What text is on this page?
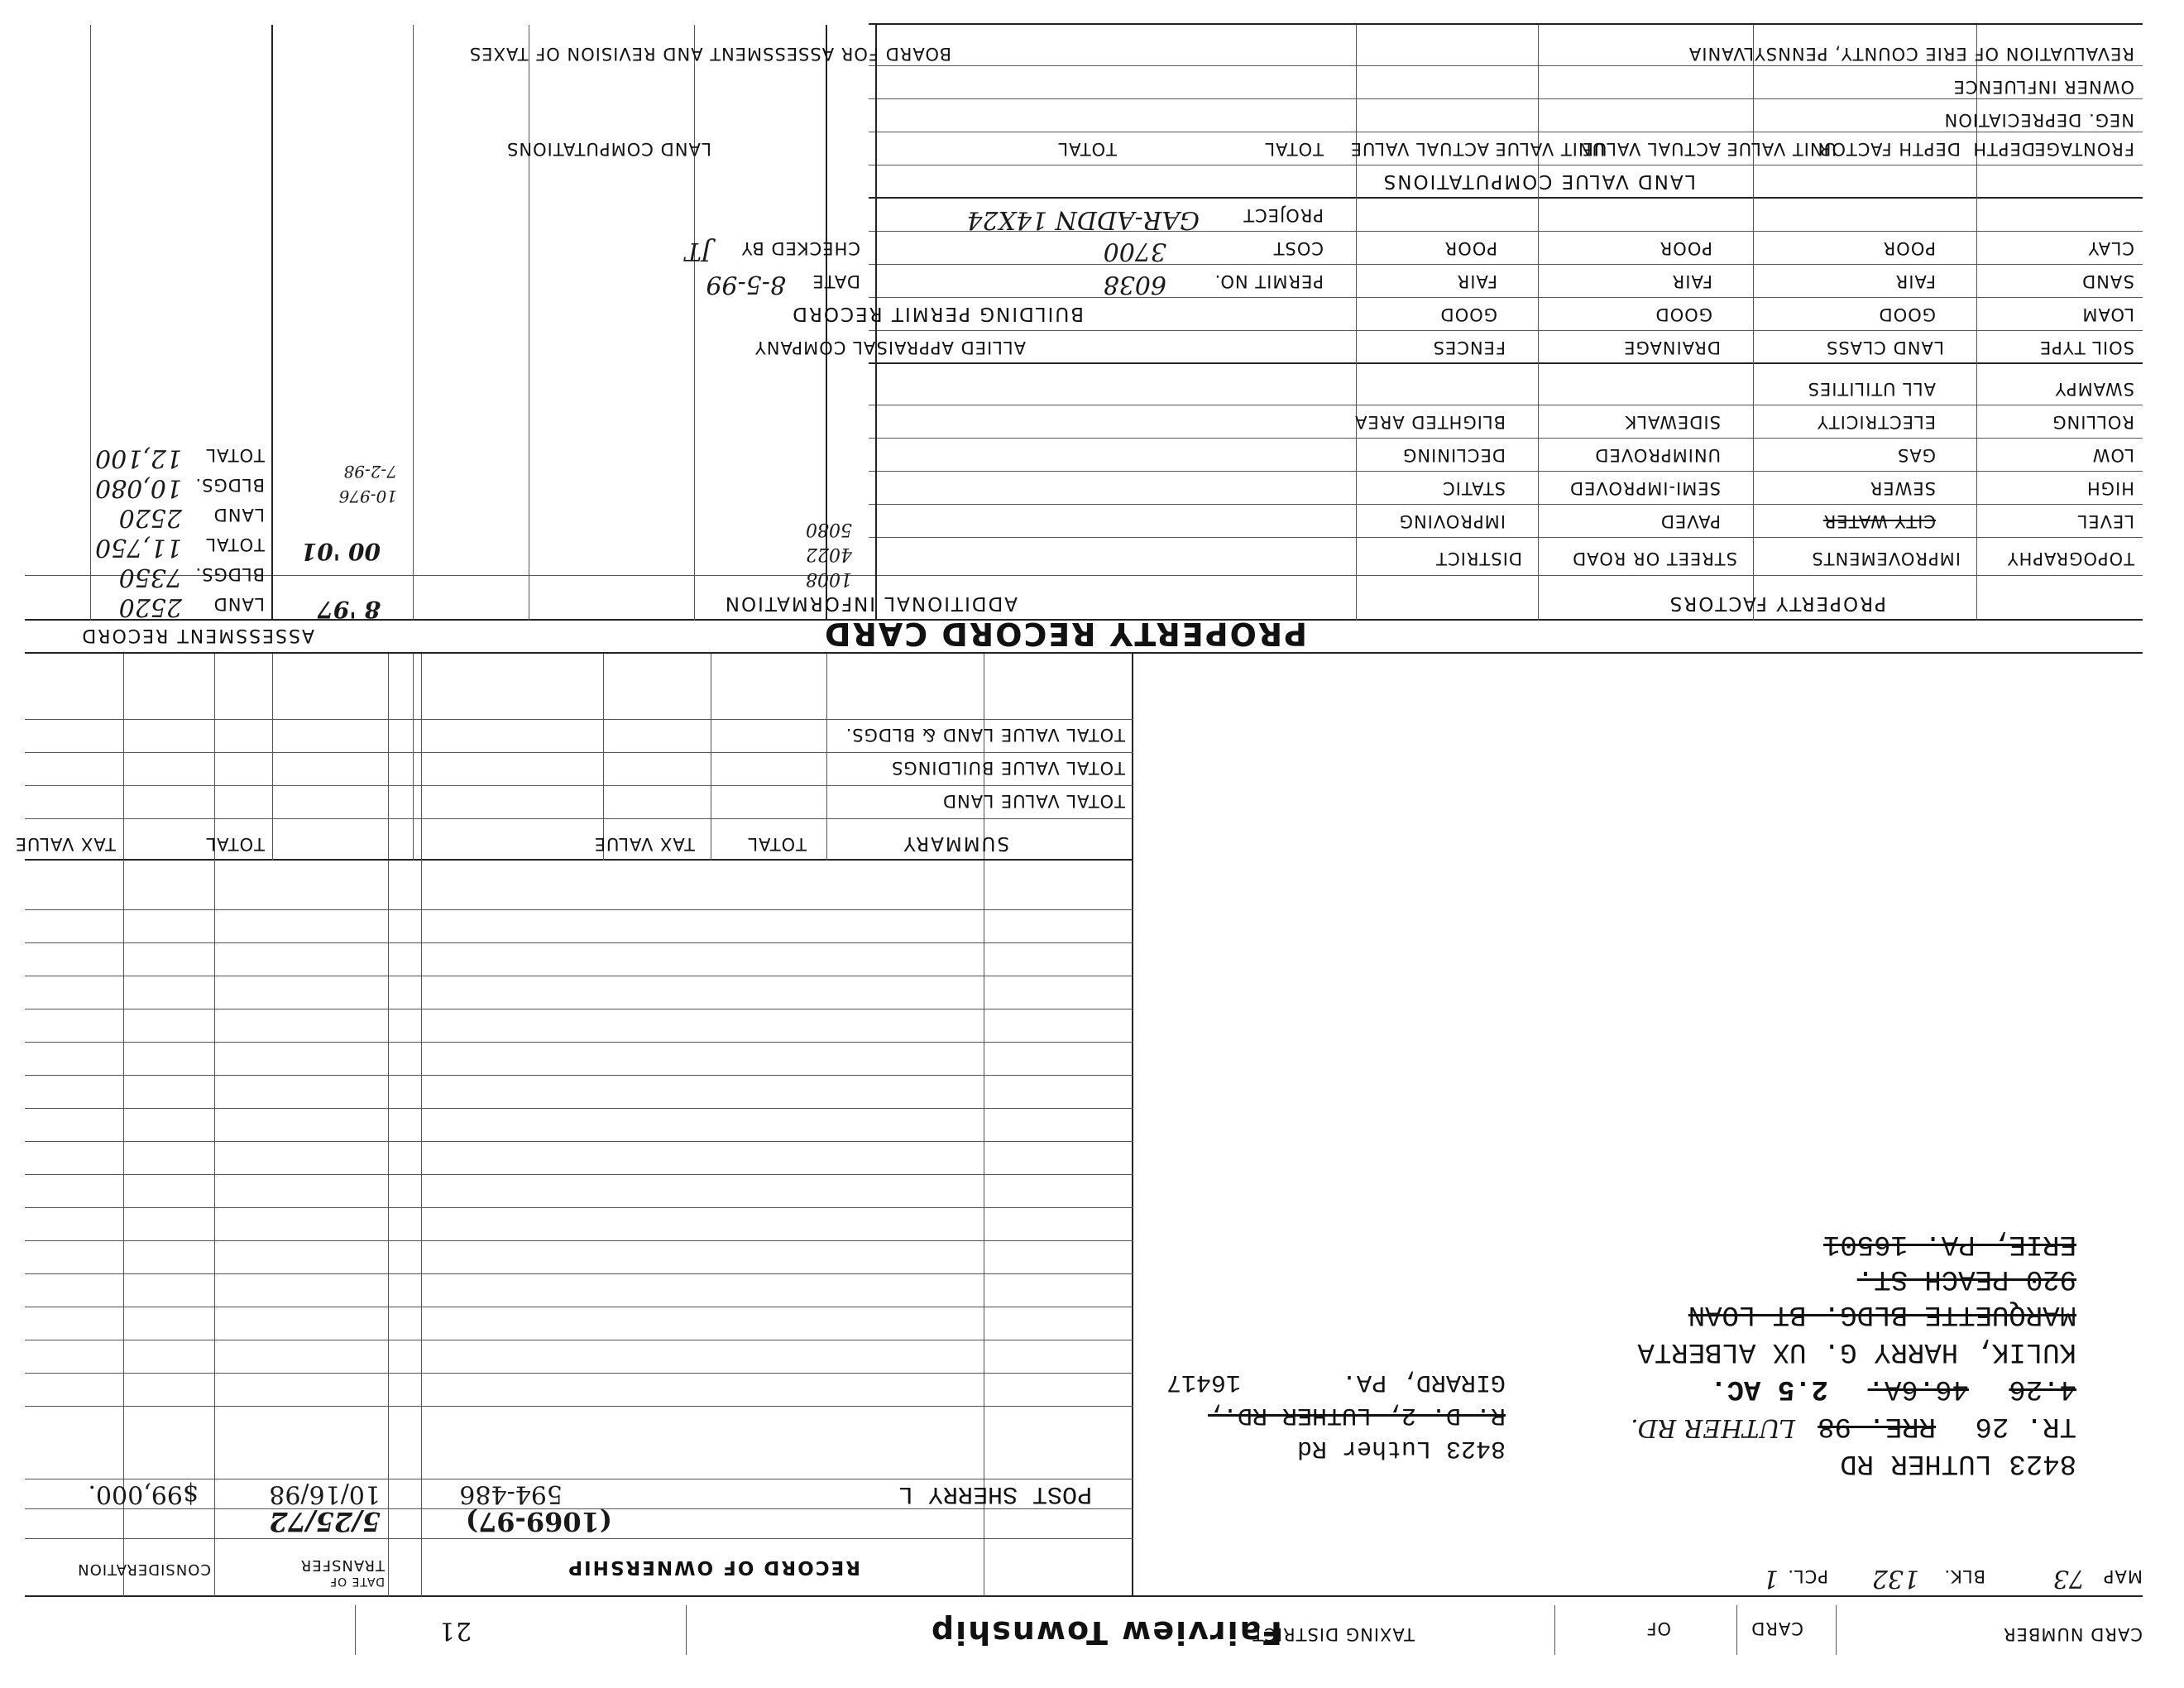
CARD NUMBER
CARD
OF
TAXING DISTRICT
Fairview Township
21
MAP
73
BLK.
132
PCL.
1
8423 LUTHER RD
TR. 26
RRE. 98
LUTHER RD.
4.26
46.6A.
2.5 AC.
KULIK, HARRY G. UX ALBERTA
MARQUETTE BLDG. BT LOAN
920 PEACH ST.
ERIE, PA. 16501
8423 Luther Rd
R. D. 2, LUTHER RD.,
GIRARD, PA.
16417
RECORD OF OWNERSHIP
DATE OF
TRANSFER
CONSIDERATION
(1069-97)
5/25/72
POST SHERRY L
594-486
10/16/98
$99,000.
SUMMARY
TOTAL
TAX VALUE
TOTAL
TAX VALUE
TOTAL VALUE LAND
TOTAL VALUE BUILDINGS
TOTAL VALUE LAND & BLDGS.
PROPERTY RECORD CARD
ASSESSMENT RECORD
PROPERTY FACTORS
TOPOGRAPHY
IMPROVEMENTS
STREET OR ROAD
DISTRICT
LEVEL
HIGH
LOW
ROLLING
SWAMPY
CITY WATER
SEWER
GAS
ELECTRICITY
ALL UTILITIES
PAVED
SEMI-IMPROVED
UNIMPROVED
SIDEWALK
IMPROVING
STATIC
DECLINING
BLIGHTED AREA
SOIL TYPE
LAND CLASS
DRAINAGE
FENCES
LOAM
SAND
CLAY
GOOD
FAIR
POOR
GOOD
FAIR
POOR
GOOD
FAIR
POOR
ADDITIONAL INFORMATION
ALLIED APPRAISAL COMPANY
1008
4022
5080
BUILDING PERMIT RECORD
PERMIT NO.
6038
DATE
8-5-99
COST
3700
CHECKED BY
JT
PROJECT
GAR-ADDN 14X24
LAND VALUE COMPUTATIONS
FRONTAGE
DEPTH
DEPTH FACTOR
UNIT VALUE
ACTUAL VALUE
UNIT VALUE
ACTUAL VALUE
TOTAL
TOTAL
LAND COMPUTATIONS
NEG. DEPRECIATION
OWNER INFLUENCE
8 '97
00 '01
10-976
7-2-98
LAND
2520
BLDGS.
7350
TOTAL
11,750
LAND
2520
BLDGS.
10,080
TOTAL
12,100
REVALUATION OF ERIE COUNTY, PENNSYLVANIA
BOARD FOR ASSESSMENT AND REVISION OF TAXES
